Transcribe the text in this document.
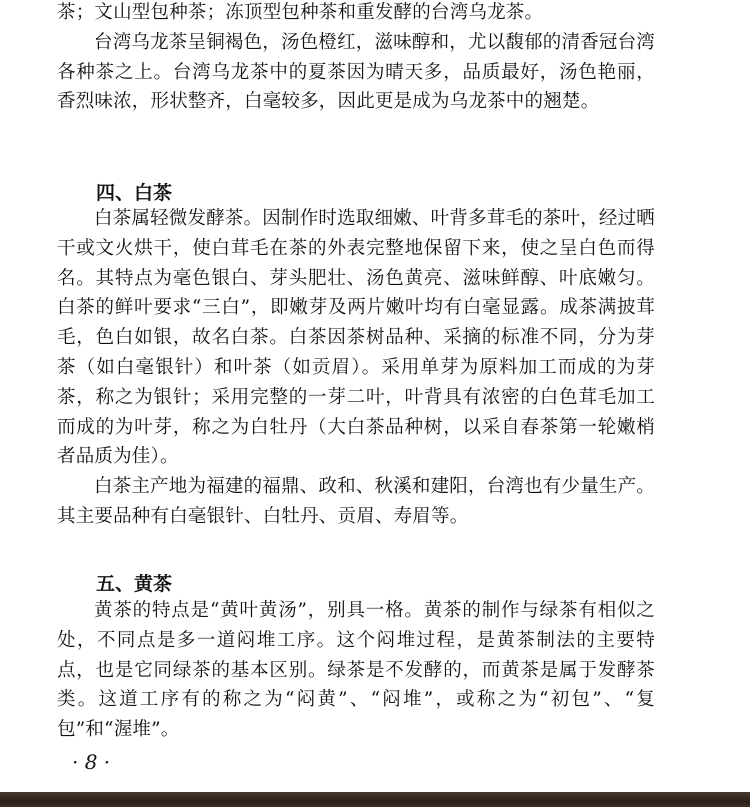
茶；文山型包种茶；冻顶型包种茶和重发酵的台湾乌龙茶。

台湾乌龙茶呈铜褐色，汤色橙红，滋味醇和，尤以馥郁的清香冠台湾各种茶之上。台湾乌龙茶中的夏茶因为晴天多，品质最好，汤色艳丽，香烈味浓，形状整齐，白毫较多，因此更是成为乌龙茶中的翘楚。

四、白茶

白茶属轻微发酵茶。因制作时选取细嫩、叶背多茸毛的茶叶，经过晒干或文火烘干，使白茸毛在茶的外表完整地保留下来，使之呈白色而得名。其特点为毫色银白、芽头肥壮、汤色黄亮、滋味鲜醇、叶底嫩匀。白茶的鲜叶要求“三白”，即嫩芽及两片嫩叶均有白毫显露。成茶满披茸毛，色白如银，故名白茶。白茶因茶树品种、采摘的标准不同，分为芽茶（如白毫银针）和叶茶（如贡眉）。采用单芽为原料加工而成的为芽茶，称之为银针；采用完整的一芽二叶，叶背具有浓密的白色茸毛加工而成的为叶芽，称之为白牡丹（大白茶品种树，以采自春茶第一轮嫩梢者品质为佳）。

白茶主产地为福建的福鼎、政和、秋溪和建阳，台湾也有少量生产。其主要品种有白毫银针、白牡丹、贡眉、寿眉等。

五、黄茶

黄茶的特点是“黄叶黄汤”，别具一格。黄茶的制作与绿茶有相似之处，不同点是多一道闷堆工序。这个闷堆过程，是黄茶制法的主要特点，也是它同绿茶的基本区别。绿茶是不发酵的，而黄茶是属于发酵茶类。这道工序有的称之为“闷黄”、“闷堆”，或称之为“初包”、“复包”和“渥堆”。

· 8 ·
